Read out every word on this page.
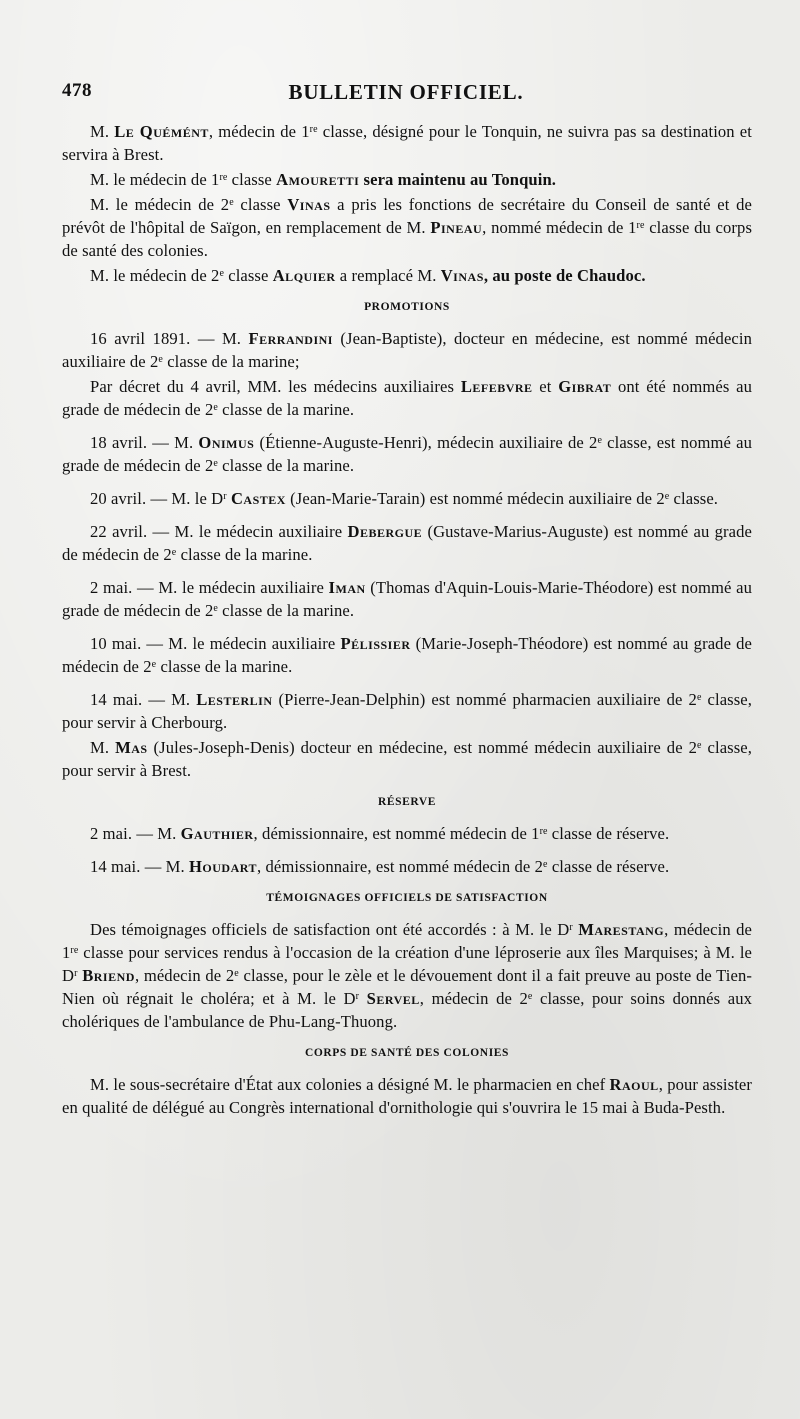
478	BULLETIN OFFICIEL.

M. Le Quémént, médecin de 1re classe, désigné pour le Tonquin, ne suivra pas sa destination et servira à Brest.

M. le médecin de 1re classe Amouretti sera maintenu au Tonquin.

M. le médecin de 2e classe Vinas a pris les fonctions de secrétaire du Conseil de santé et de prévôt de l'hôpital de Saïgon, en remplacement de M. Pineau, nommé médecin de 1re classe du corps de santé des colonies.

M. le médecin de 2e classe Alquier a remplacé M. Vinas, au poste de Chaudoc.

PROMOTIONS

16 avril 1891. — M. Ferrandini (Jean-Baptiste), docteur en médecine, est nommé médecin auxiliaire de 2e classe de la marine;

Par décret du 4 avril, MM. les médecins auxiliaires Lefebvre et Gibrat ont été nommés au grade de médecin de 2e classe de la marine.

18 avril. — M. Onimus (Étienne-Auguste-Henri), médecin auxiliaire de 2e classe, est nommé au grade de médecin de 2e classe de la marine.

20 avril. — M. le $D^r$ Castex (Jean-Marie-Tarain) est nommé médecin auxiliaire de 2e classe.

22 avril. — M. le médecin auxiliaire Debergue (Gustave-Marius-Auguste) est nommé au grade de médecin de 2e classe de la marine.

2 mai. — M. le médecin auxiliaire Iman (Thomas d'Aquin-Louis-Marie-Théodore) est nommé au grade de médecin de 2e classe de la marine.

10 mai. — M. le médecin auxiliaire Pélissier (Marie-Joseph-Théodore) est nommé au grade de médecin de 2e classe de la marine.

14 mai. — M. Lesterlin (Pierre-Jean-Delphin) est nommé pharmacien auxiliaire de 2e classe, pour servir à Cherbourg.

M. Mas (Jules-Joseph-Denis) docteur en médecine, est nommé médecin auxiliaire de 2e classe, pour servir à Brest.

RÉSERVE

2 mai. — M. Gauthier, démissionnaire, est nommé médecin de 1re classe de réserve.

14 mai. — M. Houdart, démissionnaire, est nommé médecin de 2e classe de réserve.

TÉMOIGNAGES OFFICIELS DE SATISFACTION

Des témoignages officiels de satisfaction ont été accordés : à M. le $D^r$ Marestang, médecin de 1re classe pour services rendus à l'occasion de la création d'une léproserie aux îles Marquises; à M. le $D^r$ Briend, médecin de 2e classe, pour le zèle et le dévouement dont il a fait preuve au poste de Tien-Nien où régnait le choléra; et à M. le $D^r$ Servel, médecin de 2e classe, pour soins donnés aux cholériques de l'ambulance de Phu-Lang-Thuong.

CORPS DE SANTÉ DES COLONIES

M. le sous-secrétaire d'État aux colonies a désigné M. le pharmacien en chef Raoul, pour assister en qualité de délégué au Congrès international d'ornithologie qui s'ouvrira le 15 mai à Buda-Pesth.
